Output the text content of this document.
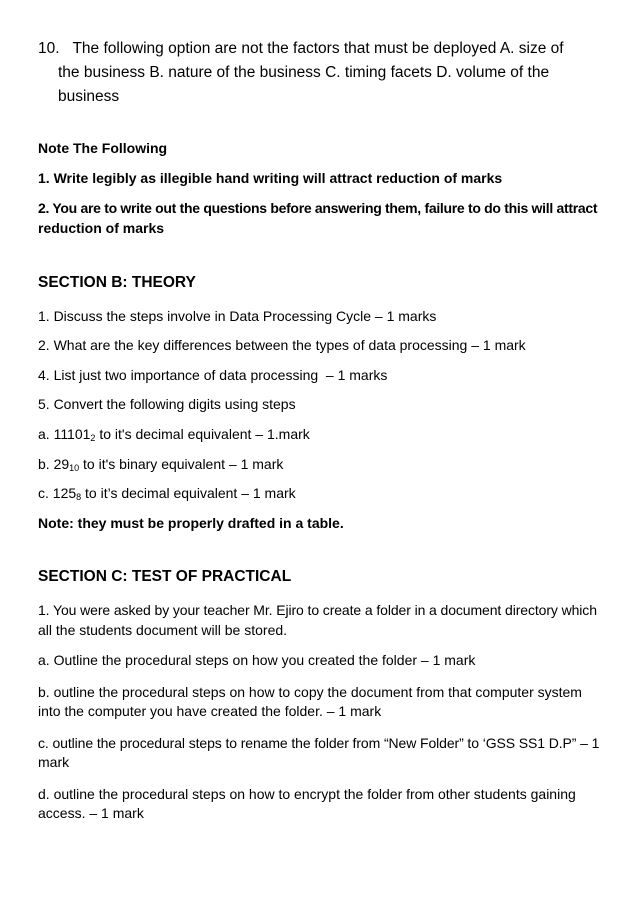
10.   The following option are not the factors that must be deployed A. size of
the business B. nature of the business C. timing facets D. volume of the
business
Note The Following
1. Write legibly as illegible hand writing will attract reduction of marks
2. You are to write out the questions before answering them, failure to do this will attract
reduction of marks
SECTION B: THEORY
1. Discuss the steps involve in Data Processing Cycle – 1 marks
2. What are the key differences between the types of data processing – 1 mark
4. List just two importance of data processing  – 1 marks
5. Convert the following digits using steps
a. $11101_2$ to it's decimal equivalent – 1.mark
b. $29_{10}$ to it's binary equivalent – 1 mark
c. $125_8$ to it’s decimal equivalent – 1 mark
Note: they must be properly drafted in a table.
SECTION C: TEST OF PRACTICAL
1. You were asked by your teacher Mr. Ejiro to create a folder in a document directory which
all the students document will be stored.
a. Outline the procedural steps on how you created the folder – 1 mark
b. outline the procedural steps on how to copy the document from that computer system
into the computer you have created the folder. – 1 mark
c. outline the procedural steps to rename the folder from “New Folder” to ‘GSS SS1 D.P” – 1
mark
d. outline the procedural steps on how to encrypt the folder from other students gaining
access. – 1 mark
